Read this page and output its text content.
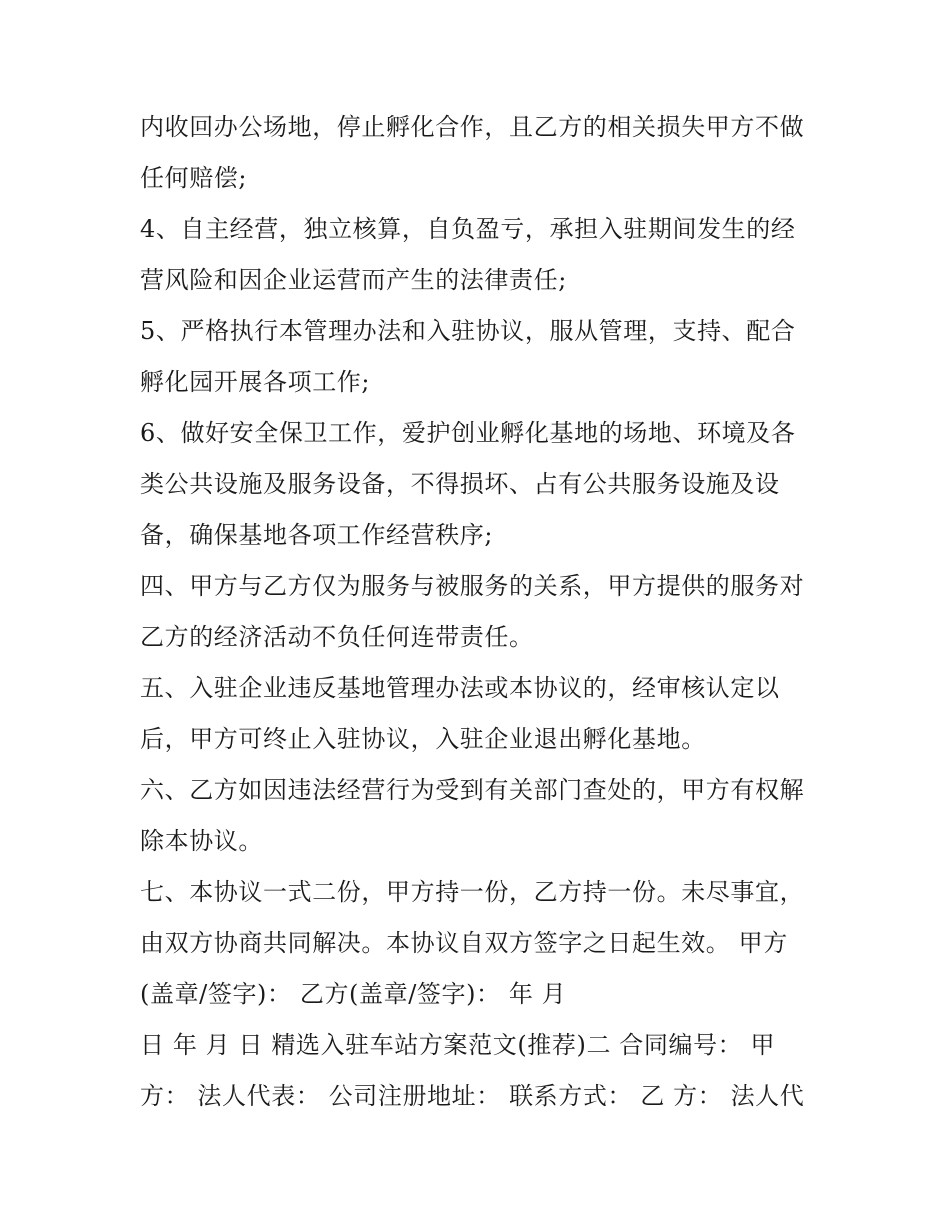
内收回办公场地，停止孵化合作，且乙方的相关损失甲方不做
任何赔偿;
4、自主经营，独立核算，自负盈亏，承担入驻期间发生的经
营风险和因企业运营而产生的法律责任;
5、严格执行本管理办法和入驻协议，服从管理，支持、配合
孵化园开展各项工作;
6、做好安全保卫工作，爱护创业孵化基地的场地、环境及各
类公共设施及服务设备，不得损坏、占有公共服务设施及设
备，确保基地各项工作经营秩序;
四、甲方与乙方仅为服务与被服务的关系，甲方提供的服务对
乙方的经济活动不负任何连带责任。
五、入驻企业违反基地管理办法或本协议的，经审核认定以
后，甲方可终止入驻协议，入驻企业退出孵化基地。
六、乙方如因违法经营行为受到有关部门查处的，甲方有权解
除本协议。
七、本协议一式二份，甲方持一份，乙方持一份。未尽事宜，
由双方协商共同解决。本协议自双方签字之日起生效。 甲方
(盖章/签字)： 乙方(盖章/签字)： 年 月
日 年 月 日 精选入驻车站方案范文(推荐)二 合同编号： 甲
方： 法人代表： 公司注册地址： 联系方式： 乙 方： 法人代
